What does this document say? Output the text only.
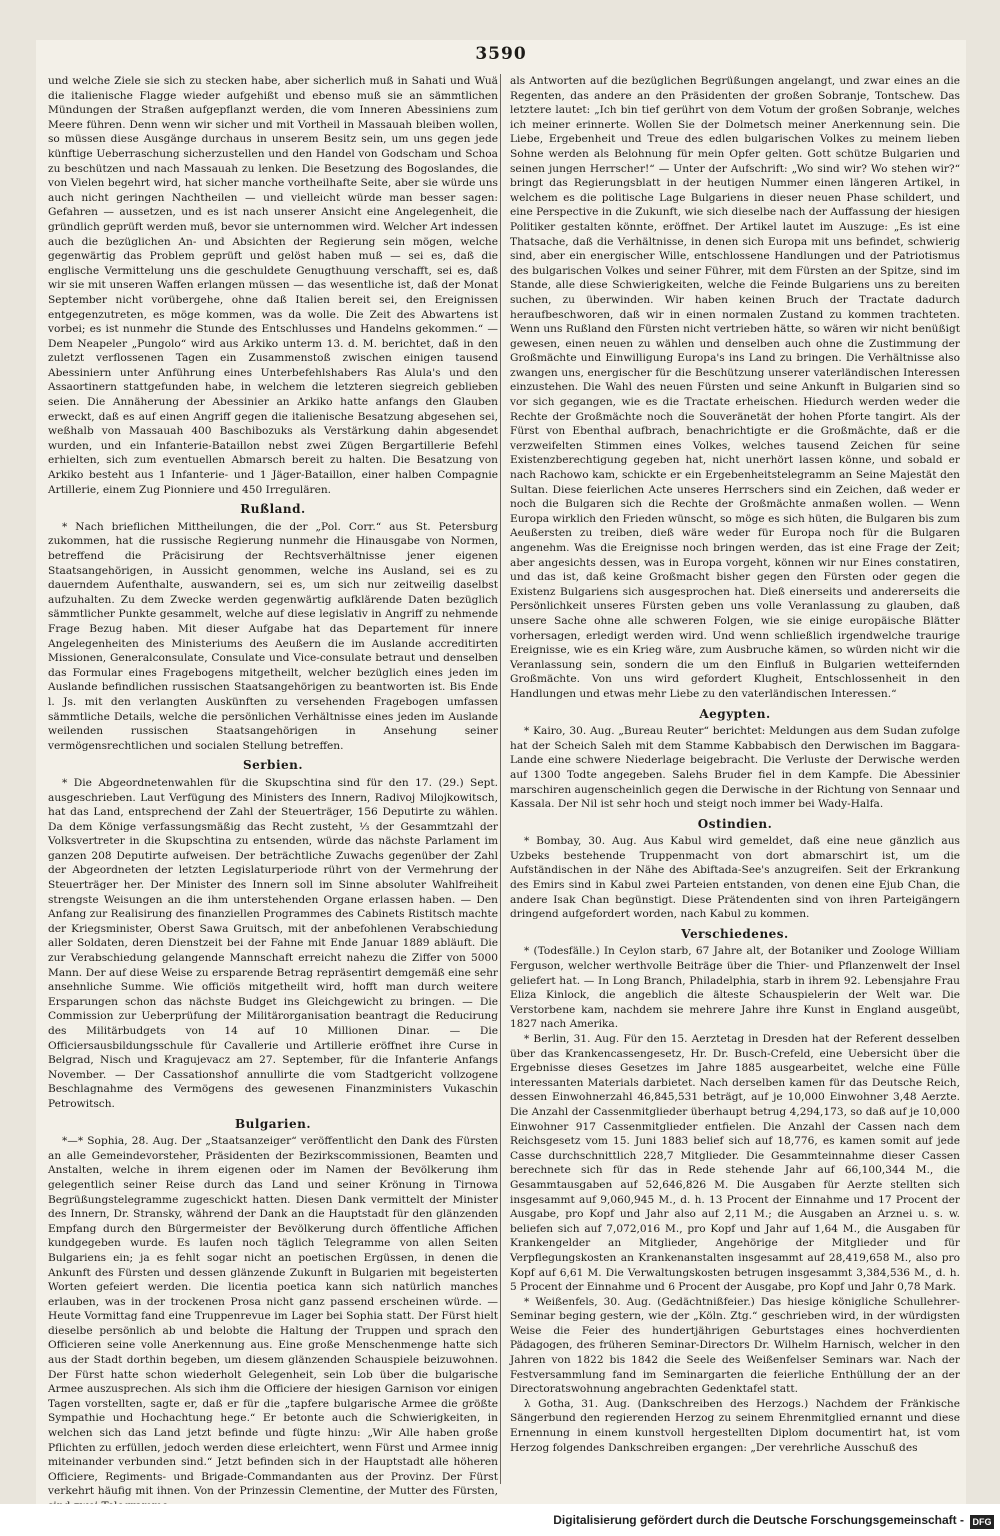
3590

und welche Ziele sie sich zu stecken habe, aber sicherlich muß in Sahati und Wuä die italienische Flagge wieder aufgehißt und ebenso muß sie an sämmtlichen Mündungen der Straßen aufgepflanzt werden, die vom Inneren Abessiniens zum Meere führen. Denn wenn wir sicher und mit Vortheil in Massauah bleiben wollen, so müssen diese Ausgänge durchaus in unserem Besitz sein, um uns gegen jede künftige Ueberraschung sicherzustellen und den Handel von Godscham und Schoa zu beschützen und nach Massauah zu lenken. Die Besetzung des Bogoslandes, die von Vielen begehrt wird, hat sicher manche vortheilhafte Seite, aber sie würde uns auch nicht geringen Nachtheilen — und vielleicht würde man besser sagen: Gefahren — aussetzen, und es ist nach unserer Ansicht eine Angelegenheit, die gründlich geprüft werden muß, bevor sie unternommen wird. Welcher Art indessen auch die bezüglichen An- und Absichten der Regierung sein mögen, welche gegenwärtig das Problem geprüft und gelöst haben muß — sei es, daß die englische Vermittelung uns die geschuldete Genugthuung verschafft, sei es, daß wir sie mit unseren Waffen erlangen müssen — das wesentliche ist, daß der Monat September nicht vorübergehe, ohne daß Italien bereit sei, den Ereignissen entgegenzutreten, es möge kommen, was da wolle. Die Zeit des Abwartens ist vorbei; es ist nunmehr die Stunde des Entschlusses und Handelns gekommen.“ — Dem Neapeler „Pungolo“ wird aus Arkiko unterm 13. d. M. berichtet, daß in den zuletzt verflossenen Tagen ein Zusammenstoß zwischen einigen tausend Abessiniern unter Anführung eines Unterbefehlshabers Ras Alula's und den Assaortinern stattgefunden habe, in welchem die letzteren siegreich geblieben seien. Die Annäherung der Abessinier an Arkiko hatte anfangs den Glauben erweckt, daß es auf einen Angriff gegen die italienische Besatzung abgesehen sei, weßhalb von Massauah 400 Baschibozuks als Verstärkung dahin abgesendet wurden, und ein Infanterie-Bataillon nebst zwei Zügen Bergartillerie Befehl erhielten, sich zum eventuellen Abmarsch bereit zu halten. Die Besatzung von Arkiko besteht aus 1 Infanterie- und 1 Jäger-Bataillon, einer halben Compagnie Artillerie, einem Zug Pionniere und 450 Irregulären.

Rußland.

* Nach brieflichen Mittheilungen, die der „Pol. Corr.“ aus St. Petersburg zukommen, hat die russische Regierung nunmehr die Hinausgabe von Normen, betreffend die Präcisirung der Rechtsverhältnisse jener eigenen Staatsangehörigen, in Aussicht genommen, welche ins Ausland, sei es zu dauerndem Aufenthalte, auswandern, sei es, um sich nur zeitweilig daselbst aufzuhalten. Zu dem Zwecke werden gegenwärtig aufklärende Daten bezüglich sämmtlicher Punkte gesammelt, welche auf diese legislativ in Angriff zu nehmende Frage Bezug haben. Mit dieser Aufgabe hat das Departement für innere Angelegenheiten des Ministeriums des Aeußern die im Auslande accreditirten Missionen, Generalconsulate, Consulate und Vice-consulate betraut und denselben das Formular eines Fragebogens mitgetheilt, welcher bezüglich eines jeden im Auslande befindlichen russischen Staatsangehörigen zu beantworten ist. Bis Ende l. Js. mit den verlangten Auskünften zu versehenden Fragebogen umfassen sämmtliche Details, welche die persönlichen Verhältnisse eines jeden im Auslande weilenden russischen Staatsangehörigen in Ansehung seiner vermögensrechtlichen und socialen Stellung betreffen.

Serbien.

* Die Abgeordnetenwahlen für die Skupschtina sind für den 17. (29.) Sept. ausgeschrieben. Laut Verfügung des Ministers des Innern, Radivoj Milojkowitsch, hat das Land, entsprechend der Zahl der Steuerträger, 156 Deputirte zu wählen. Da dem Könige verfassungsmäßig das Recht zusteht, ⅓ der Gesammtzahl der Volksvertreter in die Skupschtina zu entsenden, würde das nächste Parlament im ganzen 208 Deputirte aufweisen. Der beträchtliche Zuwachs gegenüber der Zahl der Abgeordneten der letzten Legislaturperiode rührt von der Vermehrung der Steuerträger her. Der Minister des Innern soll im Sinne absoluter Wahlfreiheit strengste Weisungen an die ihm unterstehenden Organe erlassen haben. — Den Anfang zur Realisirung des finanziellen Programmes des Cabinets Ristitsch machte der Kriegsminister, Oberst Sawa Gruitsch, mit der anbefohlenen Verabschiedung aller Soldaten, deren Dienstzeit bei der Fahne mit Ende Januar 1889 abläuft. Die zur Verabschiedung gelangende Mannschaft erreicht nahezu die Ziffer von 5000 Mann. Der auf diese Weise zu ersparende Betrag repräsentirt demgemäß eine sehr ansehnliche Summe. Wie officiös mitgetheilt wird, hofft man durch weitere Ersparungen schon das nächste Budget ins Gleichgewicht zu bringen. — Die Commission zur Ueberprüfung der Militärorganisation beantragt die Reducirung des Militärbudgets von 14 auf 10 Millionen Dinar. — Die Officiersausbildungsschule für Cavallerie und Artillerie eröffnet ihre Curse in Belgrad, Nisch und Kragujevacz am 27. September, für die Infanterie Anfangs November. — Der Cassationshof annullirte die vom Stadtgericht vollzogene Beschlagnahme des Vermögens des gewesenen Finanzministers Vukaschin Petrowitsch.

Bulgarien.

*—* Sophia, 28. Aug. Der „Staatsanzeiger“ veröffentlicht den Dank des Fürsten an alle Gemeindevorsteher, Präsidenten der Bezirkscommissionen, Beamten und Anstalten, welche in ihrem eigenen oder im Namen der Bevölkerung ihm gelegentlich seiner Reise durch das Land und seiner Krönung in Tirnowa Begrüßungstelegramme zugeschickt hatten. Diesen Dank vermittelt der Minister des Innern, Dr. Stransky, während der Dank an die Hauptstadt für den glänzenden Empfang durch den Bürgermeister der Bevölkerung durch öffentliche Affichen kundgegeben wurde. Es laufen noch täglich Telegramme von allen Seiten Bulgariens ein; ja es fehlt sogar nicht an poetischen Ergüssen, in denen die Ankunft des Fürsten und dessen glänzende Zukunft in Bulgarien mit begeisterten Worten gefeiert werden. Die licentia poetica kann sich natürlich manches erlauben, was in der trockenen Prosa nicht ganz passend erscheinen würde. — Heute Vormittag fand eine Truppenrevue im Lager bei Sophia statt. Der Fürst hielt dieselbe persönlich ab und belobte die Haltung der Truppen und sprach den Officieren seine volle Anerkennung aus. Eine große Menschenmenge hatte sich aus der Stadt dorthin begeben, um diesem glänzenden Schauspiele beizuwohnen. Der Fürst hatte schon wiederholt Gelegenheit, sein Lob über die bulgarische Armee auszusprechen. Als sich ihm die Officiere der hiesigen Garnison vor einigen Tagen vorstellten, sagte er, daß er für die „tapfere bulgarische Armee die größte Sympathie und Hochachtung hege.“ Er betonte auch die Schwierigkeiten, in welchen sich das Land jetzt befinde und fügte hinzu: „Wir Alle haben große Pflichten zu erfüllen, jedoch werden diese erleichtert, wenn Fürst und Armee innig miteinander verbunden sind.“ Jetzt befinden sich in der Hauptstadt alle höheren Officiere, Regiments- und Brigade-Commandanten aus der Provinz. Der Fürst verkehrt häufig mit ihnen. Von der Prinzessin Clementine, der Mutter des Fürsten,

als Antworten auf die bezüglichen Begrüßungen angelangt, und zwar eines an die Regenten, das andere an den Präsidenten der großen Sobranje, Tontschew. Das letztere lautet: „Ich bin tief gerührt von dem Votum der großen Sobranje, welches ich meiner erinnerte. Wollen Sie der Dolmetsch meiner Anerkennung sein. Die Liebe, Ergebenheit und Treue des edlen bulgarischen Volkes zu meinem lieben Sohne werden als Belohnung für mein Opfer gelten. Gott schütze Bulgarien und seinen jungen Herrscher!“ — Unter der Aufschrift: „Wo sind wir? Wo stehen wir?“ bringt das Regierungsblatt in der heutigen Nummer einen längeren Artikel, in welchem es die politische Lage Bulgariens in dieser neuen Phase schildert, und eine Perspective in die Zukunft, wie sich dieselbe nach der Auffassung der hiesigen Politiker gestalten könnte, eröffnet. Der Artikel lautet im Auszuge: „Es ist eine Thatsache, daß die Verhältnisse, in denen sich Europa mit uns befindet, schwierig sind, aber ein energischer Wille, entschlossene Handlungen und der Patriotismus des bulgarischen Volkes und seiner Führer, mit dem Fürsten an der Spitze, sind im Stande, alle diese Schwierigkeiten, welche die Feinde Bulgariens uns zu bereiten suchen, zu überwinden. Wir haben keinen Bruch der Tractate dadurch heraufbeschworen, daß wir in einen normalen Zustand zu kommen trachteten. Wenn uns Rußland den Fürsten nicht vertrieben hätte, so wären wir nicht benüßigt gewesen, einen neuen zu wählen und denselben auch ohne die Zustimmung der Großmächte und Einwilligung Europa's ins Land zu bringen. Die Verhältnisse also zwangen uns, energischer für die Beschützung unserer vaterländischen Interessen einzustehen. Die Wahl des neuen Fürsten und seine Ankunft in Bulgarien sind so vor sich gegangen, wie es die Tractate erheischen. Hiedurch werden weder die Rechte der Großmächte noch die Souveränetät der hohen Pforte tangirt. Als der Fürst von Ebenthal aufbrach, benachrichtigte er die Großmächte, daß er die verzweifelten Stimmen eines Volkes, welches tausend Zeichen für seine Existenzberechtigung gegeben hat, nicht unerhört lassen könne, und sobald er nach Rachowo kam, schickte er ein Ergebenheitstelegramm an Seine Majestät den Sultan. Diese feierlichen Acte unseres Herrschers sind ein Zeichen, daß weder er noch die Bulgaren sich die Rechte der Großmächte anmaßen wollen. — Wenn Europa wirklich den Frieden wünscht, so möge es sich hüten, die Bulgaren bis zum Aeußersten zu treiben, dieß wäre weder für Europa noch für die Bulgaren angenehm. Was die Ereignisse noch bringen werden, das ist eine Frage der Zeit; aber angesichts dessen, was in Europa vorgeht, können wir nur Eines constatiren, und das ist, daß keine Großmacht bisher gegen den Fürsten oder gegen die Existenz Bulgariens sich ausgesprochen hat. Dieß einerseits und andererseits die Persönlichkeit unseres Fürsten geben uns volle Veranlassung zu glauben, daß unsere Sache ohne alle schweren Folgen, wie sie einige europäische Blätter vorhersagen, erledigt werden wird. Und wenn schließlich irgendwelche traurige Ereignisse, wie es ein Krieg wäre, zum Ausbruche kämen, so würden nicht wir die Veranlassung sein, sondern die um den Einfluß in Bulgarien wetteifernden Großmächte. Von uns wird gefordert Klugheit, Entschlossenheit in den Handlungen und etwas mehr Liebe zu den vaterländischen Interessen.“

Aegypten.

* Kairo, 30. Aug. „Bureau Reuter“ berichtet: Meldungen aus dem Sudan zufolge hat der Scheich Saleh mit dem Stamme Kabbabisch den Derwischen im Baggara-Lande eine schwere Niederlage beigebracht. Die Verluste der Derwische werden auf 1300 Todte angegeben. Salehs Bruder fiel in dem Kampfe. Die Abessinier marschiren augenscheinlich gegen die Derwische in der Richtung von Sennaar und Kassala. Der Nil ist sehr hoch und steigt noch immer bei Wady-Halfa.

Ostindien.

* Bombay, 30. Aug. Aus Kabul wird gemeldet, daß eine neue gänzlich aus Uzbeks bestehende Truppenmacht von dort abmarschirt ist, um die Aufständischen in der Nähe des Abiftada-See's anzugreifen. Seit der Erkrankung des Emirs sind in Kabul zwei Parteien entstanden, von denen eine Ejub Chan, die andere Isak Chan begünstigt. Diese Prätendenten sind von ihren Parteigängern dringend aufgefordert worden, nach Kabul zu kommen.

Verschiedenes.

* (Todesfälle.) In Ceylon starb, 67 Jahre alt, der Botaniker und Zoologe William Ferguson, welcher werthvolle Beiträge über die Thier- und Pflanzenwelt der Insel geliefert hat. — In Long Branch, Philadelphia, starb in ihrem 92. Lebensjahre Frau Eliza Kinlock, die angeblich die älteste Schauspielerin der Welt war. Die Verstorbene kam, nachdem sie mehrere Jahre ihre Kunst in England ausgeübt, 1827 nach Amerika.

* Berlin, 31. Aug. Für den 15. Aerztetag in Dresden hat der Referent desselben über das Krankencassengesetz, Hr. Dr. Busch-Crefeld, eine Uebersicht über die Ergebnisse dieses Gesetzes im Jahre 1885 ausgearbeitet, welche eine Fülle interessanten Materials darbietet. Nach derselben kamen für das Deutsche Reich, dessen Einwohnerzahl 46,845,531 beträgt, auf je 10,000 Einwohner 3,48 Aerzte. Die Anzahl der Cassenmitglieder überhaupt betrug 4,294,173, so daß auf je 10,000 Einwohner 917 Cassenmitglieder entfielen. Die Anzahl der Cassen nach dem Reichsgesetz vom 15. Juni 1883 belief sich auf 18,776, es kamen somit auf jede Casse durchschnittlich 228,7 Mitglieder. Die Gesammteinnahme dieser Cassen berechnete sich für das in Rede stehende Jahr auf 66,100,344 M., die Gesammtausgaben auf 52,646,826 M. Die Ausgaben für Aerzte stellten sich insgesammt auf 9,060,945 M., d. h. 13 Procent der Einnahme und 17 Procent der Ausgabe, pro Kopf und Jahr also auf 2,11 M.; die Ausgaben an Arznei u. s. w. beliefen sich auf 7,072,016 M., pro Kopf und Jahr auf 1,64 M., die Ausgaben für Krankengelder an Mitglieder, Angehörige der Mitglieder und für Verpflegungskosten an Krankenanstalten insgesammt auf 28,419,658 M., also pro Kopf auf 6,61 M. Die Verwaltungskosten betrugen insgesammt 3,384,536 M., d. h. 5 Procent der Einnahme und 6 Procent der Ausgabe, pro Kopf und Jahr 0,78 Mark.

* Weißenfels, 30. Aug. (Gedächtnißfeier.) Das hiesige königliche Schullehrer-Seminar beging gestern, wie der „Köln. Ztg.“ geschrieben wird, in der würdigsten Weise die Feier des hundertjährigen Geburtstages eines hochverdienten Pädagogen, des früheren Seminar-Directors Dr. Wilhelm Harnisch, welcher in den Jahren von 1822 bis 1842 die Seele des Weißenfelser Seminars war. Nach der Festversammlung fand im Seminargarten die feierliche Enthüllung der an der Directoratswohnung angebrachten Gedenktafel statt.

λ Gotha, 31. Aug. (Dankschreiben des Herzogs.) Nachdem der Fränkische Sängerbund den regierenden Herzog zu seinem Ehrenmitglied ernannt und diese Ernennung in einem kunstvoll hergestellten Diplom documentirt hat, ist vom Herzog folgendes Dankschreiben ergangen: „Der verehrliche Ausschuß des

Digitalisierung gefördert durch die Deutsche Forschungsgemeinschaft - DFG
